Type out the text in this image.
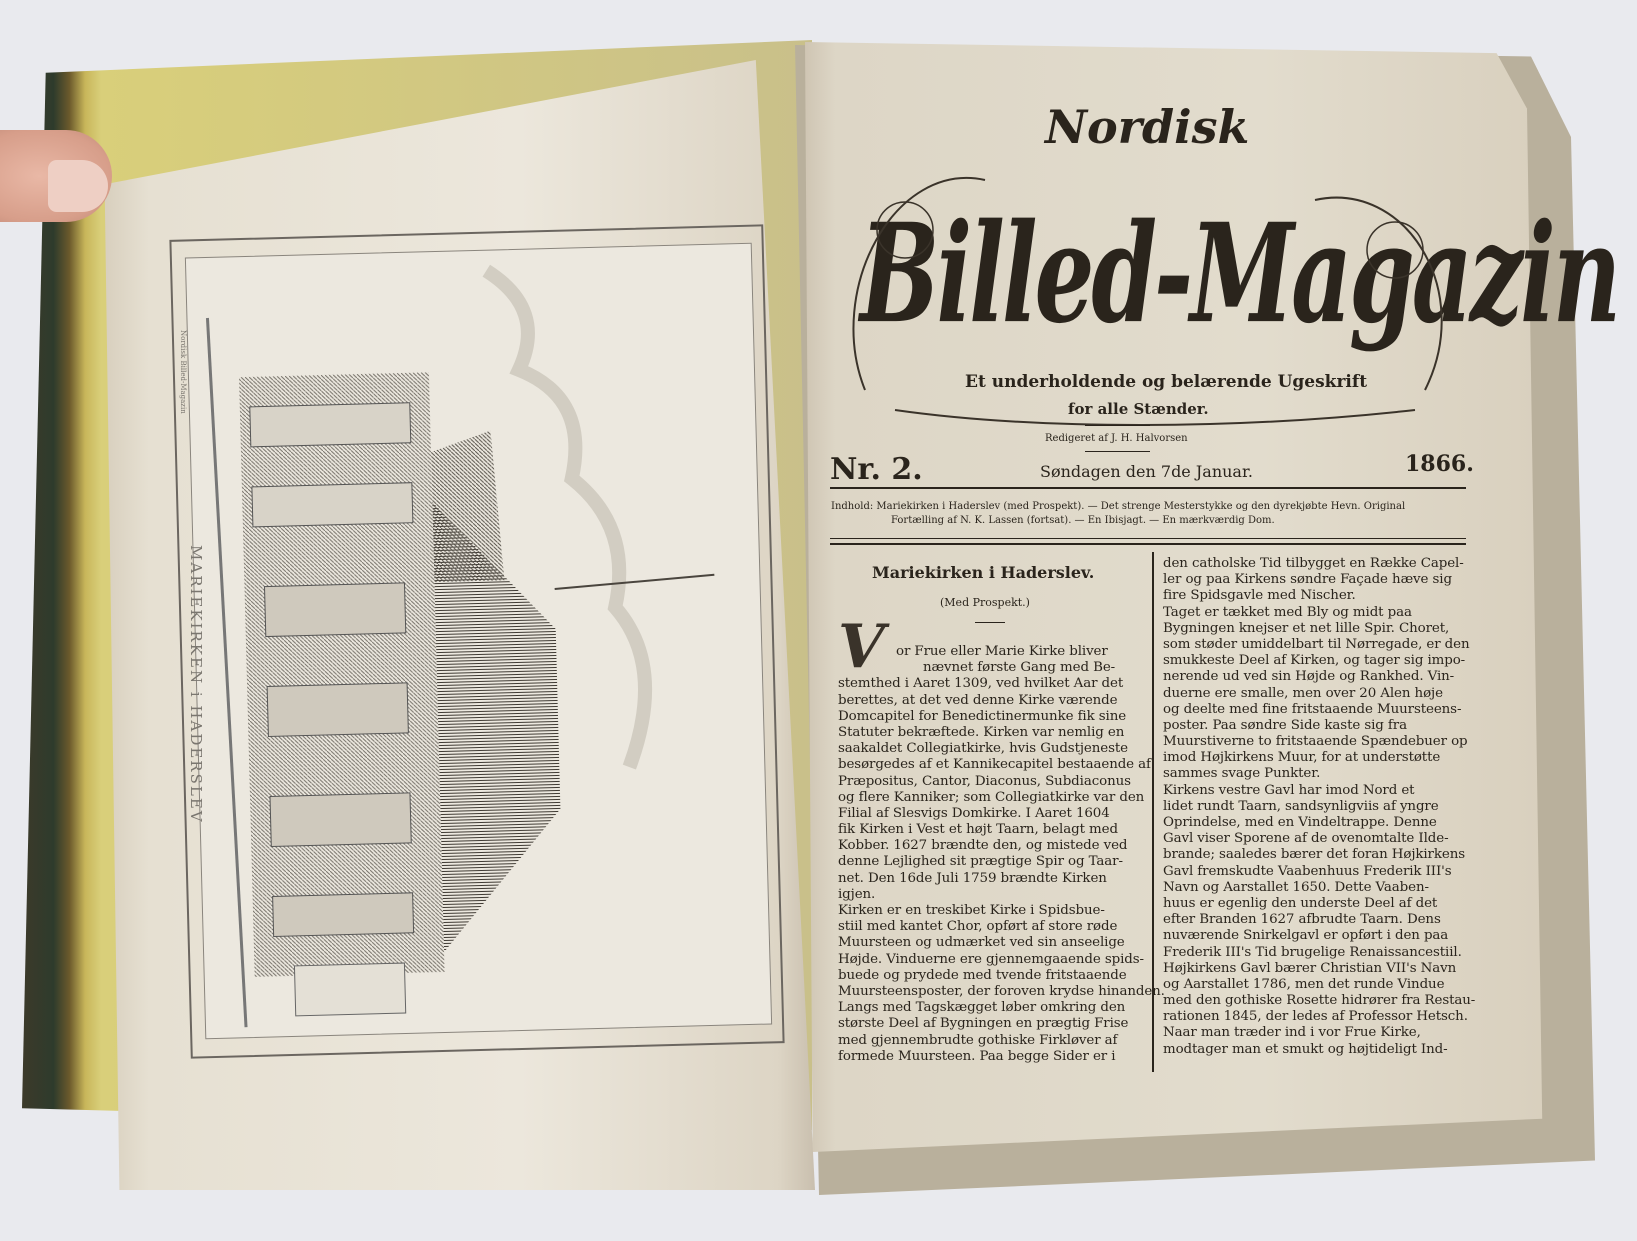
MARIEKIRKEN i HADERSLEV
Nordisk Billed-Magazin
Nordisk
Billed-Magazin
Et underholdende og belærende Ugeskrift
for alle Stænder.
Redigeret af J. H. Halvorsen
Nr. 2.	Søndagen den 7de Januar.	1866.
Indhold: Mariekirken i Haderslev (med Prospekt). — Det strenge Mesterstykke og den dyrekjøbte Hevn. Original
Fortælling af N. K. Lassen (fortsat). — En Ibisjagt. — En mærkværdig Dom.
Mariekirken i Haderslev.
(Med Prospekt.)
V or Frue eller Marie Kirke bliver
nævnet første Gang med Be-
stemthed i Aaret 1309, ved hvilket Aar det
berettes, at det ved denne Kirke værende
Domcapitel for Benedictinermunke fik sine
Statuter bekræftede. Kirken var nemlig en
saakaldet Collegiatkirke, hvis Gudstjeneste
besørgedes af et Kannikecapitel bestaaende af
Præpositus, Cantor, Diaconus, Subdiaconus
og flere Kanniker; som Collegiatkirke var den
Filial af Slesvigs Domkirke. I Aaret 1604
fik Kirken i Vest et højt Taarn, belagt med
Kobber. 1627 brændte den, og mistede ved
denne Lejlighed sit prægtige Spir og Taar-
net. Den 16de Juli 1759 brændte Kirken
igjen.
Kirken er en treskibet Kirke i Spidsbue-
stiil med kantet Chor, opført af store røde
Muursteen og udmærket ved sin anseelige
Højde. Vinduerne ere gjennemgaaende spids-
buede og prydede med tvende fritstaaende
Muursteensposter, der foroven krydse hinanden.
Langs med Tagskægget løber omkring den
største Deel af Bygningen en prægtig Frise
med gjennembrudte gothiske Firkløver af
formede Muursteen. Paa begge Sider er i
den catholske Tid tilbygget en Række Capel-
ler og paa Kirkens søndre Façade hæve sig
fire Spidsgavle med Nischer.
Taget er tækket med Bly og midt paa
Bygningen knejser et net lille Spir. Choret,
som støder umiddelbart til Nørregade, er den
smukkeste Deel af Kirken, og tager sig impo-
nerende ud ved sin Højde og Rankhed. Vin-
duerne ere smalle, men over 20 Alen høje
og deelte med fine fritstaaende Muursteens-
poster. Paa søndre Side kaste sig fra
Muurstiverne to fritstaaende Spændebuer op
imod Højkirkens Muur, for at understøtte
sammes svage Punkter.
Kirkens vestre Gavl har imod Nord et
lidet rundt Taarn, sandsynligviis af yngre
Oprindelse, med en Vindeltrappe. Denne
Gavl viser Sporene af de ovenomtalte Ilde-
brande; saaledes bærer det foran Højkirkens
Gavl fremskudte Vaabenhuus Frederik III's
Navn og Aarstallet 1650. Dette Vaaben-
huus er egenlig den underste Deel af det
efter Branden 1627 afbrudte Taarn. Dens
nuværende Snirkelgavl er opført i den paa
Frederik III's Tid brugelige Renaissancestiil.
Højkirkens Gavl bærer Christian VII's Navn
og Aarstallet 1786, men det runde Vindue
med den gothiske Rosette hidrører fra Restau-
rationen 1845, der ledes af Professor Hetsch.
Naar man træder ind i vor Frue Kirke,
modtager man et smukt og højtideligt Ind-
